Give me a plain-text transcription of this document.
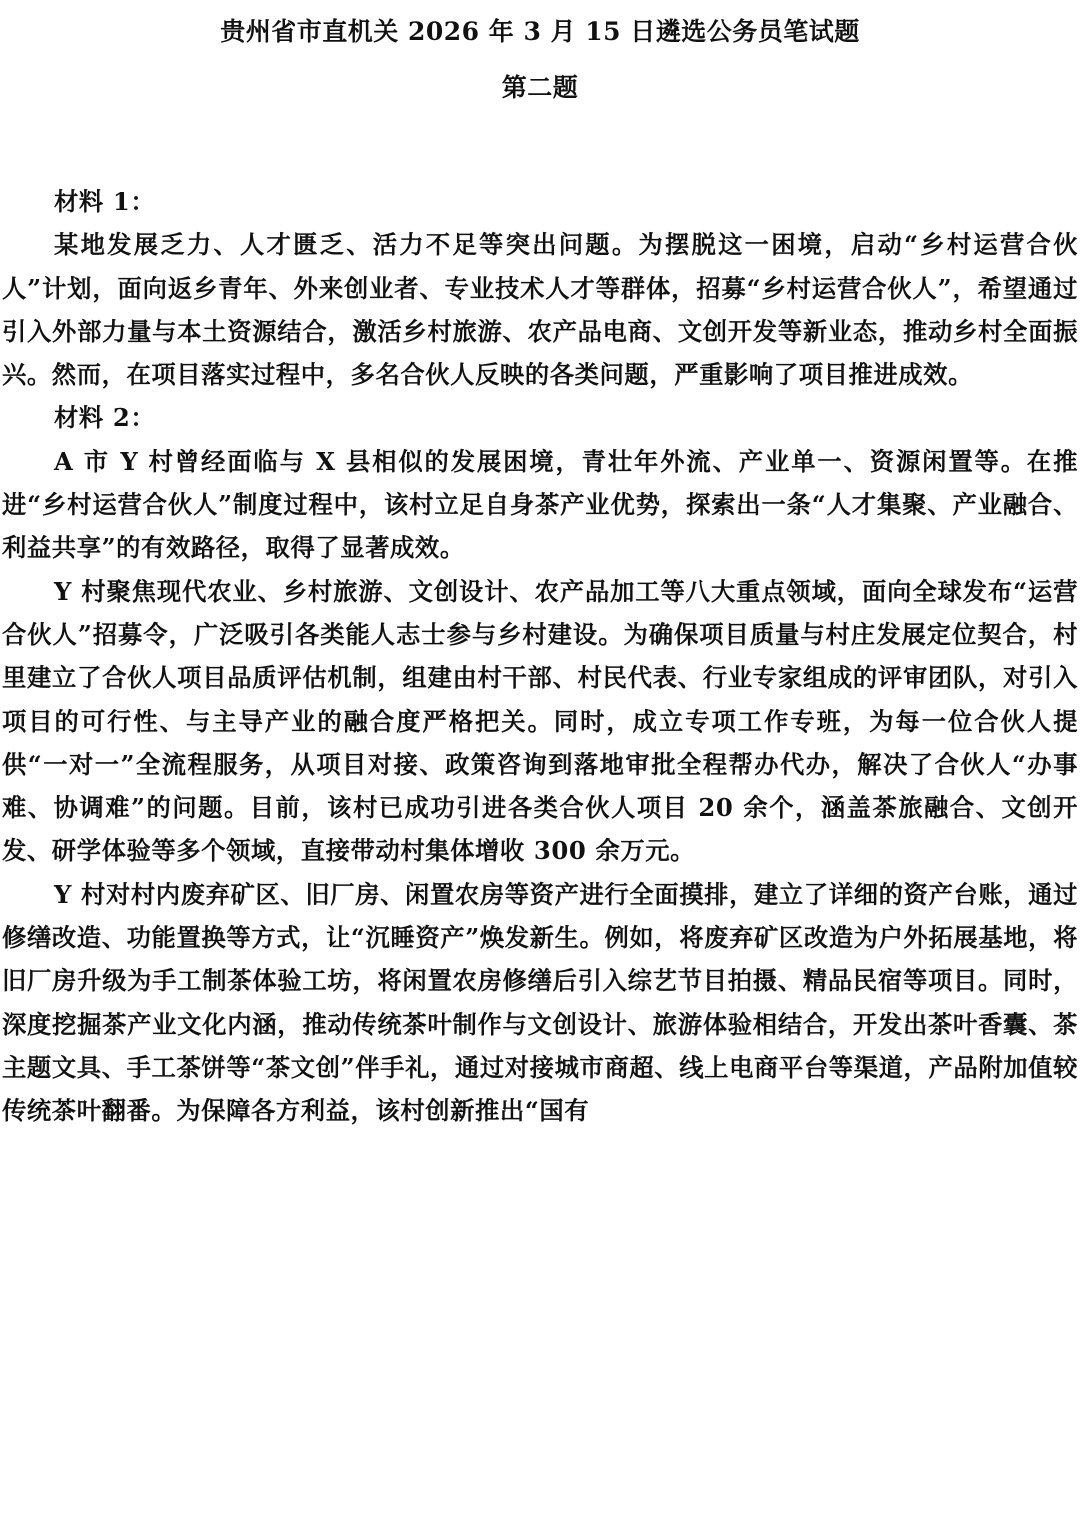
贵州省市直机关 2026 年 3 月 15 日遴选公务员笔试题
第二题

材料 1：

某地发展乏力、人才匮乏、活力不足等突出问题。为摆脱这一困境，启动“乡村运营合伙人”计划，面向返乡青年、外来创业者、专业技术人才等群体，招募“乡村运营合伙人”，希望通过引入外部力量与本土资源结合，激活乡村旅游、农产品电商、文创开发等新业态，推动乡村全面振兴。然而，在项目落实过程中，多名合伙人反映的各类问题，严重影响了项目推进成效。

材料 2：

A 市 Y 村曾经面临与 X 县相似的发展困境，青壮年外流、产业单一、资源闲置等。在推进“乡村运营合伙人”制度过程中，该村立足自身茶产业优势，探索出一条“人才集聚、产业融合、利益共享”的有效路径，取得了显著成效。

Y 村聚焦现代农业、乡村旅游、文创设计、农产品加工等八大重点领域，面向全球发布“运营合伙人”招募令，广泛吸引各类能人志士参与乡村建设。为确保项目质量与村庄发展定位契合，村里建立了合伙人项目品质评估机制，组建由村干部、村民代表、行业专家组成的评审团队，对引入项目的可行性、与主导产业的融合度严格把关。同时，成立专项工作专班，为每一位合伙人提供“一对一”全流程服务，从项目对接、政策咨询到落地审批全程帮办代办，解决了合伙人“办事难、协调难”的问题。目前，该村已成功引进各类合伙人项目 20 余个，涵盖茶旅融合、文创开发、研学体验等多个领域，直接带动村集体增收 300 余万元。

Y 村对村内废弃矿区、旧厂房、闲置农房等资产进行全面摸排，建立了详细的资产台账，通过修缮改造、功能置换等方式，让“沉睡资产”焕发新生。例如，将废弃矿区改造为户外拓展基地，将旧厂房升级为手工制茶体验工坊，将闲置农房修缮后引入综艺节目拍摄、精品民宿等项目。同时，深度挖掘茶产业文化内涵，推动传统茶叶制作与文创设计、旅游体验相结合，开发出茶叶香囊、茶主题文具、手工茶饼等“茶文创”伴手礼，通过对接城市商超、线上电商平台等渠道，产品附加值较传统茶叶翻番。为保障各方利益，该村创新推出“国有
